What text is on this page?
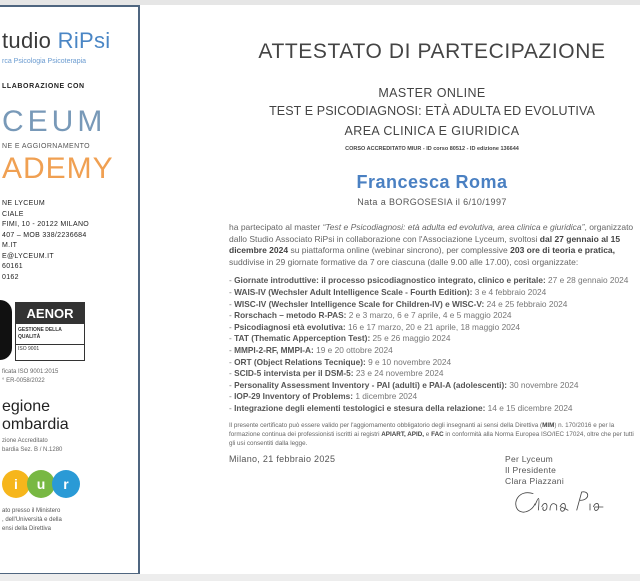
tudio RiPsi
rca Psicologia Psicoterapia
LLABORAZIONE CON
CEUM
NE E AGGIORNAMENTO
ADEMY
NE LYCEUM
CIALE
FIMI, 10 - 20122 MILANO
407 – MOB 338/2236684
M.IT
E@LYCEUM.IT
60161
0162
AENOR
GESTIONE DELLA QUALITÀ
ISO 9001
ficata ISO 9001:2015
° ER-0058/2022
egione
ombardia
zione Accreditato
bardia Sez. B / N.1280
i u r
ato presso il Ministero
, dell'Università e della
ensi della Direttiva
ATTESTATO DI PARTECIPAZIONE
MASTER ONLINE
TEST E PSICODIAGNOSI: ETÀ ADULTA ED EVOLUTIVA
AREA CLINICA E GIURIDICA
CORSO ACCREDITATO MIUR - ID corso 80512 - ID edizione 136644
Francesca Roma
Nata a BORGOSESIA il 6/10/1997
ha partecipato al master “Test e Psicodiagnosi: età adulta ed evolutiva, area clinica e giuridica”, organizzato dallo Studio Associato RiPsi in collaborazione con l'Associazione Lyceum, svoltosi dal 27 gennaio al 15 dicembre 2024 su piattaforma online (webinar sincrono), per complessive 203 ore di teoria e pratica, suddivise in 29 giornate formative da 7 ore ciascuna (dalle 9.00 alle 17.00), così organizzate:
- Giornate introduttive: il processo psicodiagnostico integrato, clinico e peritale: 27 e 28 gennaio 2024
- WAIS-IV (Wechsler Adult Intelligence Scale - Fourth Edition): 3 e 4 febbraio 2024
- WISC-IV (Wechsler Intelligence Scale for Children-IV) e WISC-V: 24 e 25 febbraio 2024
- Rorschach – metodo R-PAS: 2 e 3 marzo, 6 e 7 aprile, 4 e 5 maggio 2024
- Psicodiagnosi età evolutiva: 16 e 17 marzo, 20 e 21 aprile, 18 maggio 2024
- TAT (Thematic Apperception Test): 25 e 26 maggio 2024
- MMPI-2-RF, MMPI-A: 19 e 20 ottobre 2024
- ORT (Object Relations Tecnique): 9 e 10 novembre 2024
- SCID-5 intervista per il DSM-5: 23 e 24 novembre 2024
- Personality Assessment Inventory - PAI (adulti) e PAI-A (adolescenti): 30 novembre 2024
- IOP-29 Inventory of Problems: 1 dicembre 2024
- Integrazione degli elementi testologici e stesura della relazione: 14 e 15 dicembre 2024
Il presente certificato può essere valido per l'aggiornamento obbligatorio degli insegnanti ai sensi della Direttiva (MIM) n. 170/2016 e per la formazione continua dei professionisti iscritti ai registri APIART, APID, e FAC in conformità alla Norma Europea ISO/IEC 17024, oltre che per tutti gli usi consentiti dalla legge.
Milano, 21 febbraio 2025	Per Lyceum
Il Presidente
Clara Piazzani
